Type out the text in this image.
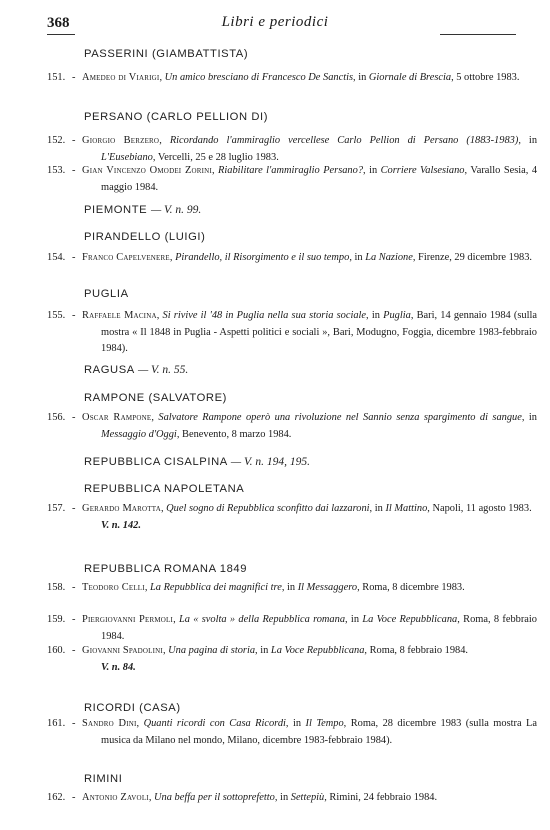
368	Libri e periodici
PASSERINI (GIAMBATTISTA)
151. - Amedeo di Viarigi, Un amico bresciano di Francesco De Sanctis, in Giornale di Brescia, 5 ottobre 1983.
PERSANO (CARLO PELLION DI)
152. - Giorgio Berzero, Ricordando l'ammiraglio vercellese Carlo Pellion di Persano (1883-1983), in L'Eusebiano, Vercelli, 25 e 28 luglio 1983.
153. - Gian Vincenzo Omodei Zorini, Riabilitare l'ammiraglio Persano?, in Corriere Valsesiano, Varallo Sesia, 4 maggio 1984.
PIEMONTE — V. n. 99.
PIRANDELLO (LUIGI)
154. - Franco Capelvenere, Pirandello, il Risorgimento e il suo tempo, in La Nazione, Firenze, 29 dicembre 1983.
PUGLIA
155. - Raffaele Macina, Si rivive il '48 in Puglia nella sua storia sociale, in Puglia, Bari, 14 gennaio 1984 (sulla mostra « Il 1848 in Puglia - Aspetti politici e sociali », Bari, Modugno, Foggia, dicembre 1983-febbraio 1984).
RAGUSA — V. n. 55.
RAMPONE (SALVATORE)
156. - Oscar Rampone, Salvatore Rampone operò una rivoluzione nel Sannio senza spargimento di sangue, in Messaggio d'Oggi, Benevento, 8 marzo 1984.
REPUBBLICA CISALPINA — V. n. 194, 195.
REPUBBLICA NAPOLETANA
157. - Gerardo Marotta, Quel sogno di Repubblica sconfitto dai lazzaroni, in Il Mattino, Napoli, 11 agosto 1983.
V. n. 142.
REPUBBLICA ROMANA 1849
158. - Teodoro Celli, La Repubblica dei magnifici tre, in Il Messaggero, Roma, 8 dicembre 1983.
159. - Piergiovanni Permoli, La « svolta » della Repubblica romana, in La Voce Repubblicana, Roma, 8 febbraio 1984.
160. - Giovanni Spadolini, Una pagina di storia, in La Voce Repubblicana, Roma, 8 febbraio 1984.
V. n. 84.
RICORDI (CASA)
161. - Sandro Dini, Quanti ricordi con Casa Ricordi, in Il Tempo, Roma, 28 dicembre 1983 (sulla mostra La musica da Milano nel mondo, Milano, dicembre 1983-febbraio 1984).
RIMINI
162. - Antonio Zavoli, Una beffa per il sottoprefetto, in Settepiù, Rimini, 24 febbraio 1984.
